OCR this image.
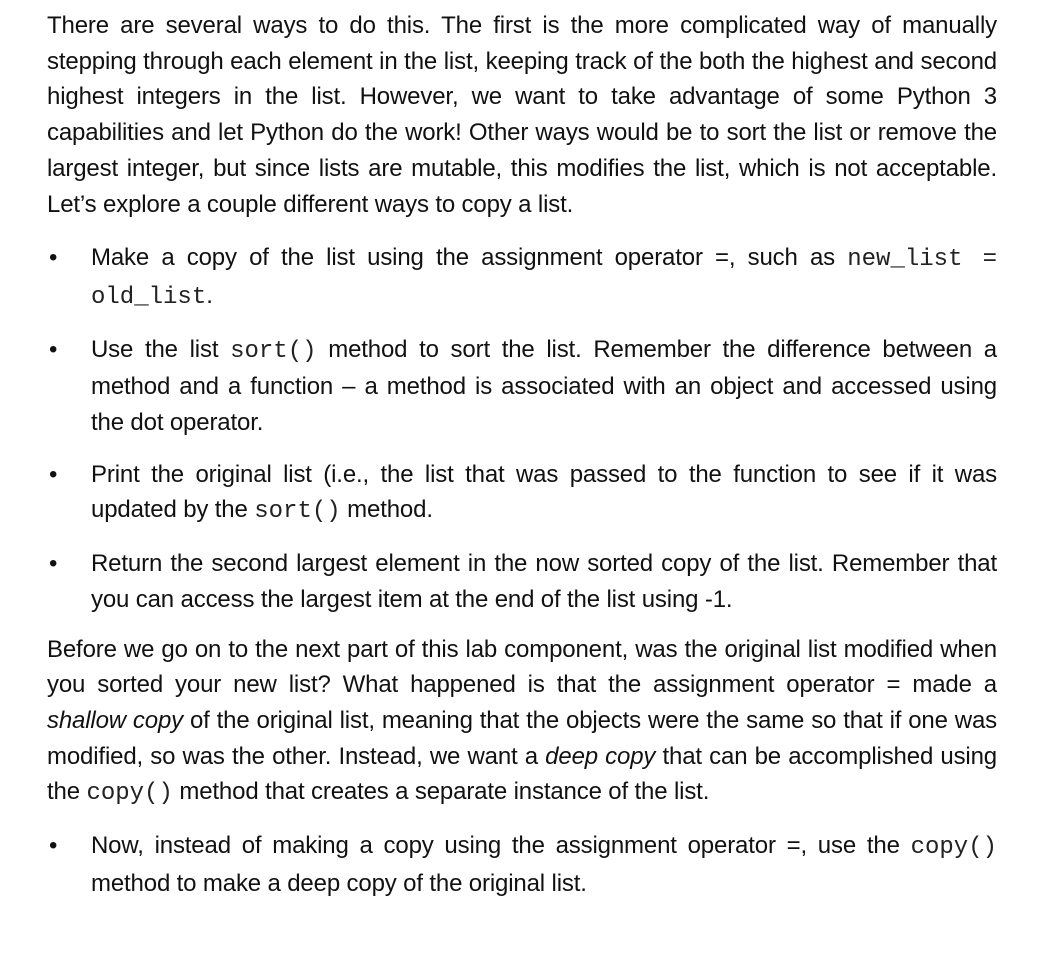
There are several ways to do this. The first is the more complicated way of manually stepping through each element in the list, keeping track of the both the highest and second highest integers in the list. However, we want to take advantage of some Python 3 capabilities and let Python do the work! Other ways would be to sort the list or remove the largest integer, but since lists are mutable, this modifies the list, which is not acceptable. Let’s explore a couple different ways to copy a list.

• Make a copy of the list using the assignment operator =, such as new_list = old_list.
• Use the list sort() method to sort the list. Remember the difference between a method and a function – a method is associated with an object and accessed using the dot operator.
• Print the original list (i.e., the list that was passed to the function to see if it was updated by the sort() method.
• Return the second largest element in the now sorted copy of the list. Remember that you can access the largest item at the end of the list using -1.

Before we go on to the next part of this lab component, was the original list modified when you sorted your new list? What happened is that the assignment operator = made a shallow copy of the original list, meaning that the objects were the same so that if one was modified, so was the other. Instead, we want a deep copy that can be accomplished using the copy() method that creates a separate instance of the list.

• Now, instead of making a copy using the assignment operator =, use the copy() method to make a deep copy of the original list.
